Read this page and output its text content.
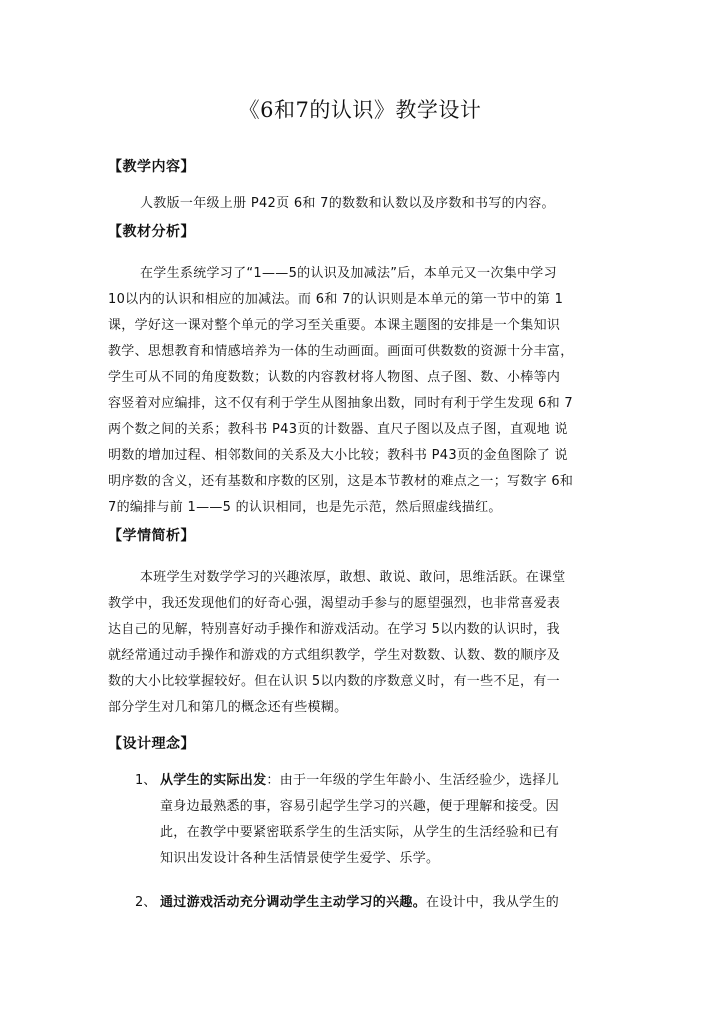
《6和7的认识》教学设计
【教学内容】
人教版一年级上册 P42页 6和 7的数数和认数以及序数和书写的内容。
【教材分析】
在学生系统学习了“1——5的认识及加减法”后，本单元又一次集中学习
10以内的认识和相应的加减法。而 6和 7的认识则是本单元的第一节中的第 1
课，学好这一课对整个单元的学习至关重要。本课主题图的安排是一个集知识
教学、思想教育和情感培养为一体的生动画面。画面可供数数的资源十分丰富，
学生可从不同的角度数数；认数的内容教材将人物图、点子图、数、小棒等内
容竖着对应编排，这不仅有利于学生从图抽象出数，同时有利于学生发现 6和 7
两个数之间的关系；教科书 P43页的计数器、直尺子图以及点子图，直观地 说
明数的增加过程、相邻数间的关系及大小比较；教科书 P43页的金鱼图除了 说
明序数的含义，还有基数和序数的区别，这是本节教材的难点之一；写数字 6和
7的编排与前 1——5 的认识相同，也是先示范，然后照虚线描红。
【学情简析】
本班学生对数学学习的兴趣浓厚，敢想、敢说、敢问，思维活跃。在课堂
教学中，我还发现他们的好奇心强，渴望动手参与的愿望强烈，也非常喜爱表
达自己的见解，特别喜好动手操作和游戏活动。在学习 5以内数的认识时，我
就经常通过动手操作和游戏的方式组织教学，学生对数数、认数、数的顺序及
数的大小比较掌握较好。但在认识 5以内数的序数意义时，有一些不足，有一
部分学生对几和第几的概念还有些模糊。
【设计理念】
1、 从学生的实际出发：由于一年级的学生年龄小、生活经验少，选择儿
童身边最熟悉的事，容易引起学生学习的兴趣，便于理解和接受。因
此，在教学中要紧密联系学生的生活实际，从学生的生活经验和已有
知识出发设计各种生活情景使学生爱学、乐学。
2、 通过游戏活动充分调动学生主动学习的兴趣。在设计中，我从学生的
